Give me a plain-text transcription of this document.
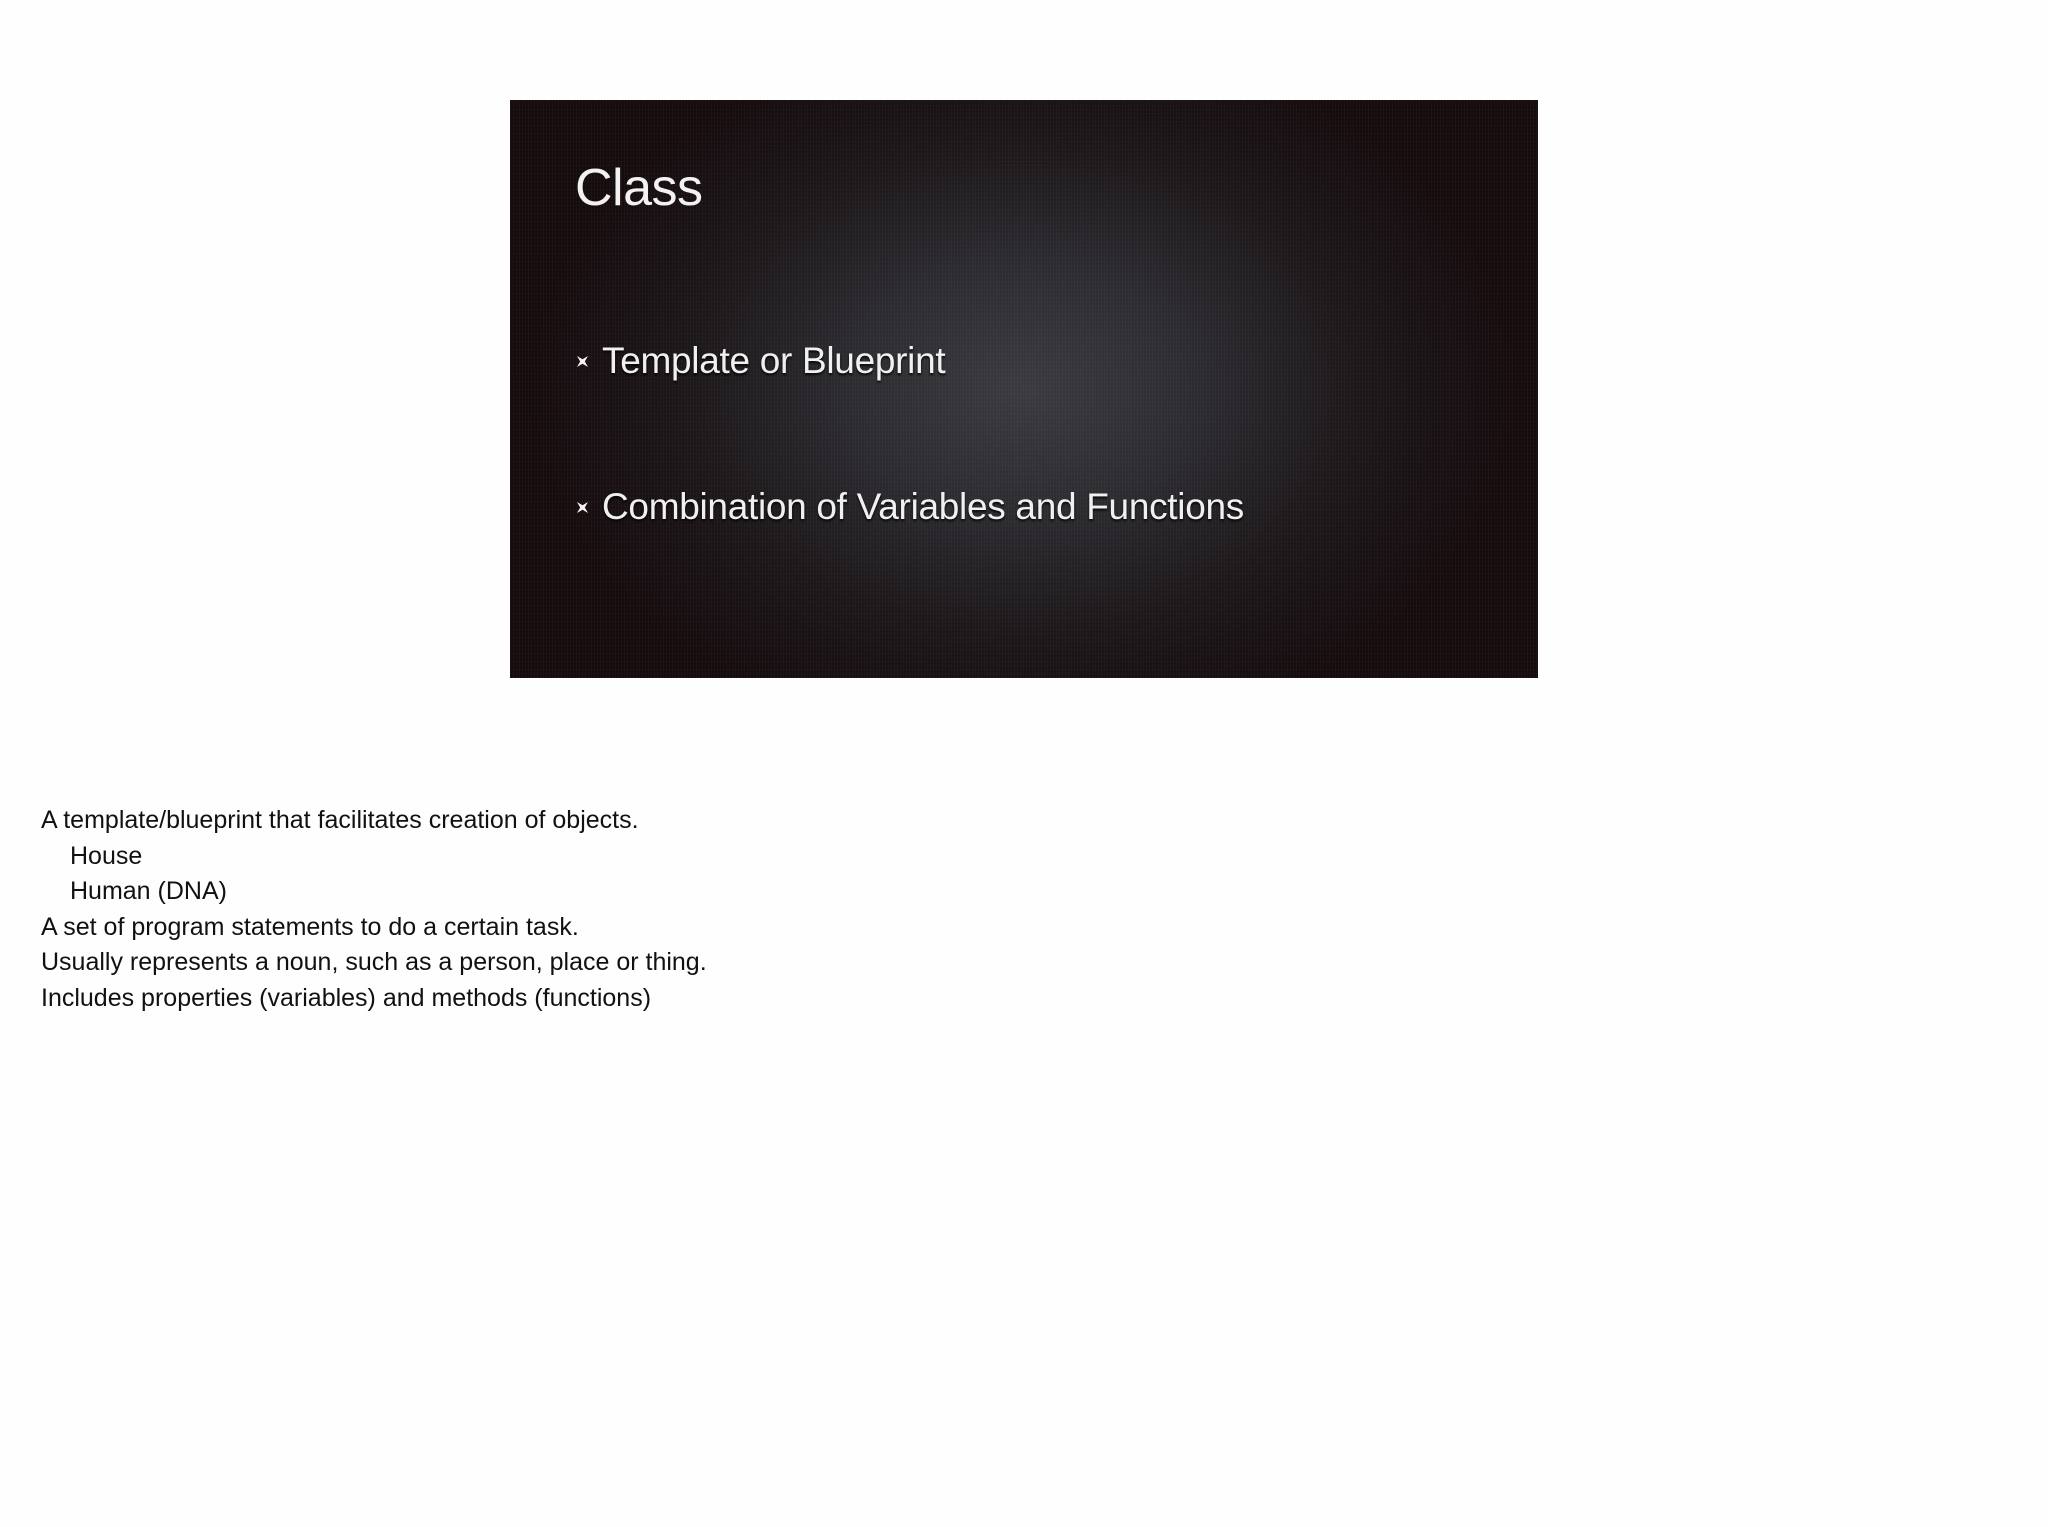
Class
Template or Blueprint
Combination of Variables and Functions
A template/blueprint that facilitates creation of objects.
House
Human (DNA)
A set of program statements to do a certain task.
Usually represents a noun, such as a person, place or thing.
Includes properties (variables) and methods (functions)
